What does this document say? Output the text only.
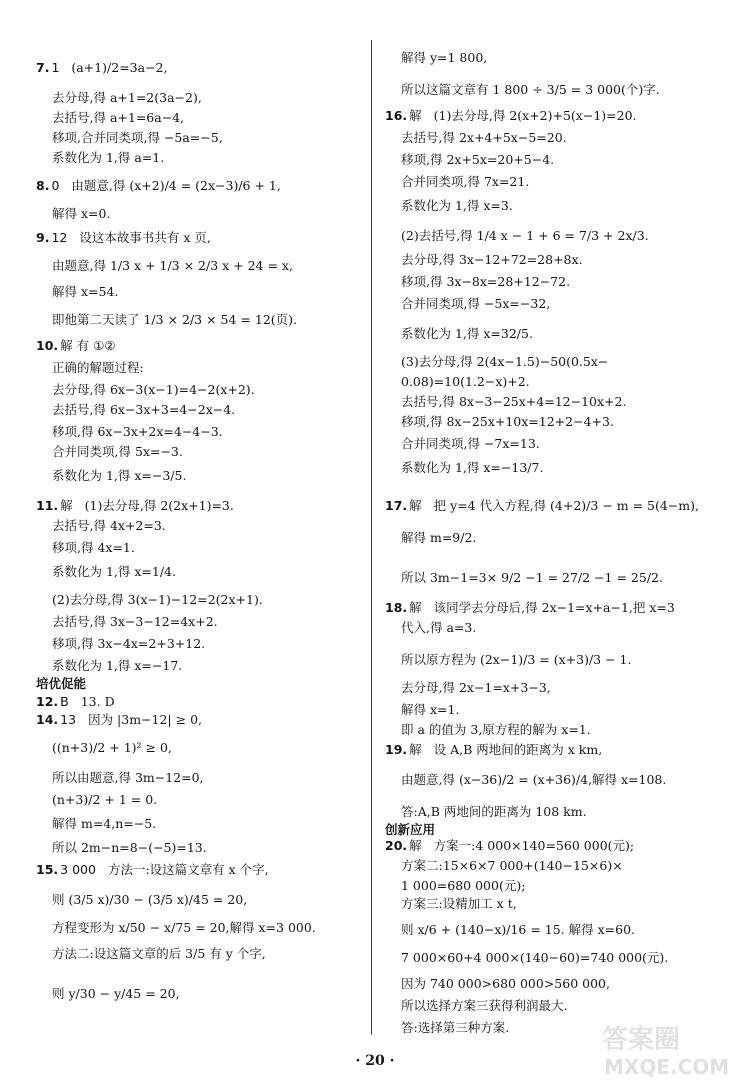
7. 1 (a+1)/2=3a−2,
去分母,得 a+1=2(3a−2),
去括号,得 a+1=6a−4,
移项,合并同类项,得 −5a=−5,
系数化为 1,得 a=1.
8. 0 由题意,得 (x+2)/4 = (2x−3)/6 + 1,
解得 x=0.
9. 12 设这本故事书共有 x 页,
由题意,得 1/3 x + 1/3 × 2/3 x + 24 = x,
解得 x=54.
即他第二天读了 1/3 × 2/3 × 54 = 12(页).
10. 解 有 ①②
正确的解题过程:
去分母,得 6x−3(x−1)=4−2(x+2).
去括号,得 6x−3x+3=4−2x−4.
移项,得 6x−3x+2x=4−4−3.
合并同类项,得 5x=−3.
系数化为 1,得 x=−3/5.
11. 解 (1)去分母,得 2(2x+1)=3.
去括号,得 4x+2=3.
移项,得 4x=1.
系数化为 1,得 x=1/4.
(2)去分母,得 3(x−1)−12=2(2x+1).
去括号,得 3x−3−12=4x+2.
移项,得 3x−4x=2+3+12.
系数化为 1,得 x=−17.
培优促能
12. B 13. D
14. 13 因为 |3m−12| ≥ 0,
((n+3)/2 + 1)² ≥ 0,
所以由题意,得 3m−12=0,
(n+3)/2 + 1 = 0.
解得 m=4,n=−5.
所以 2m−n=8−(−5)=13.
15. 3 000 方法一:设这篇文章有 x 个字,
则 (3/5 x)/30 − (3/5 x)/45 = 20,
方程变形为 x/50 − x/75 = 20,解得 x=3 000.
方法二:设这篇文章的后 3/5 有 y 个字,
则 y/30 − y/45 = 20,
解得 y=1 800,
所以这篇文章有 1 800 ÷ 3/5 = 3 000(个)字.
16. 解 (1)去分母,得 2(x+2)+5(x−1)=20.
去括号,得 2x+4+5x−5=20.
移项,得 2x+5x=20+5−4.
合并同类项,得 7x=21.
系数化为 1,得 x=3.
(2)去括号,得 1/4 x − 1 + 6 = 7/3 + 2x/3.
去分母,得 3x−12+72=28+8x.
移项,得 3x−8x=28+12−72.
合并同类项,得 −5x=−32,
系数化为 1,得 x=32/5.
(3)去分母,得 2(4x−1.5)−50(0.5x−
0.08)=10(1.2−x)+2.
去括号,得 8x−3−25x+4=12−10x+2.
移项,得 8x−25x+10x=12+2−4+3.
合并同类项,得 −7x=13.
系数化为 1,得 x=−13/7.
17. 解 把 y=4 代入方程,得 (4+2)/3 − m = 5(4−m),
解得 m=9/2.
所以 3m−1=3× 9/2 −1 = 27/2 −1 = 25/2.
18. 解 该同学去分母后,得 2x−1=x+a−1,把 x=3
代入,得 a=3.
所以原方程为 (2x−1)/3 = (x+3)/3 − 1.
去分母,得 2x−1=x+3−3,
解得 x=1.
即 a 的值为 3,原方程的解为 x=1.
19. 解 设 A,B 两地间的距离为 x km,
由题意,得 (x−36)/2 = (x+36)/4,解得 x=108.
答:A,B 两地间的距离为 108 km.
创新应用
20. 解 方案一:4 000×140=560 000(元);
方案二:15×6×7 000+(140−15×6)×
1 000=680 000(元);
方案三:设精加工 x t,
则 x/6 + (140−x)/16 = 15. 解得 x=60.
7 000×60+4 000×(140−60)=740 000(元).
因为 740 000>680 000>560 000,
所以选择方案三获得利润最大.
答:选择第三种方案.
· 20 ·
答案圈
MXQE.COM
